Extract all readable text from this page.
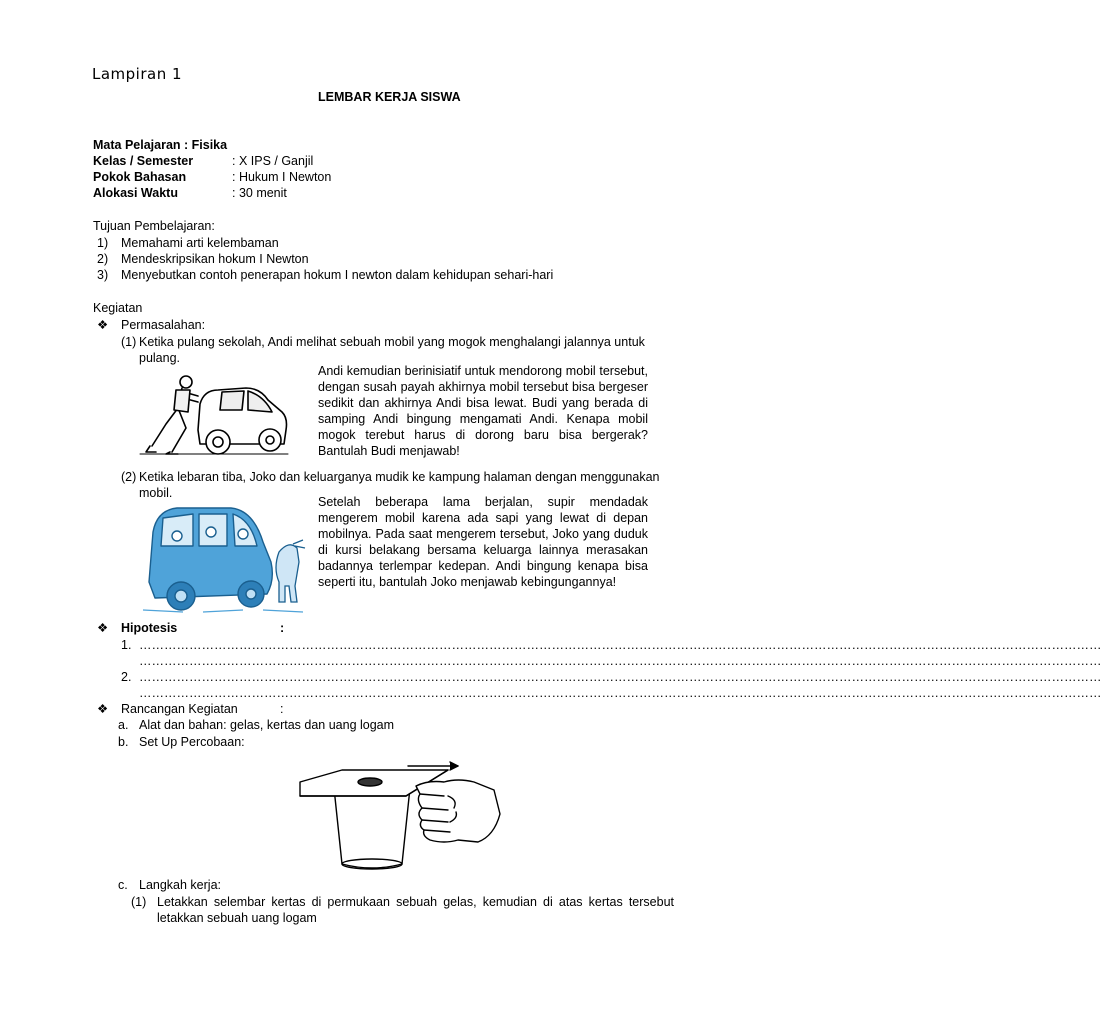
Lampiran 1
LEMBAR KERJA SISWA
Mata Pelajaran : Fisika
Kelas / Semester	: X IPS / Ganjil
Pokok Bahasan	: Hukum I Newton
Alokasi Waktu	: 30 menit
Tujuan Pembelajaran:
1) Memahami arti kelembaman
2) Mendeskripsikan hokum I Newton
3) Menyebutkan contoh penerapan hokum I newton dalam kehidupan sehari-hari
Kegiatan
❖ Permasalahan:
(1) Ketika pulang sekolah, Andi melihat sebuah mobil yang mogok menghalangi jalannya untuk
pulang.
Andi kemudian berinisiatif untuk mendorong mobil tersebut, dengan susah payah akhirnya mobil tersebut bisa bergeser sedikit dan akhirnya Andi bisa lewat. Budi yang berada di samping Andi bingung mengamati Andi. Kenapa mobil mogok terebut harus di dorong baru bisa bergerak? Bantulah Budi menjawab!
(2) Ketika lebaran tiba, Joko dan keluarganya mudik ke kampung halaman dengan menggunakan
mobil.
Setelah beberapa lama berjalan, supir mendadak mengerem mobil karena ada sapi yang lewat di depan mobilnya. Pada saat mengerem tersebut, Joko yang duduk di kursi belakang bersama keluarga lainnya merasakan badannya terlempar kedepan. Andi bingung kenapa bisa seperti itu, bantulah Joko menjawab kebingungannya!
❖ Hipotesis	:
1. ……………………………………………………………………………………………………………………………………………………………………………………………………………
……………………………………………………………………………………………………………………………………………………………………………………………………………
2. ……………………………………………………………………………………………………………………………………………………………………………………………………………
……………………………………………………………………………………………………………………………………………………………………………………………………………
❖ Rancangan Kegiatan	:
a. Alat dan bahan: gelas, kertas dan uang logam
b. Set Up Percobaan:
c. Langkah kerja:
(1) Letakkan selembar kertas di permukaan sebuah gelas, kemudian di atas kertas tersebut
letakkan sebuah uang logam
